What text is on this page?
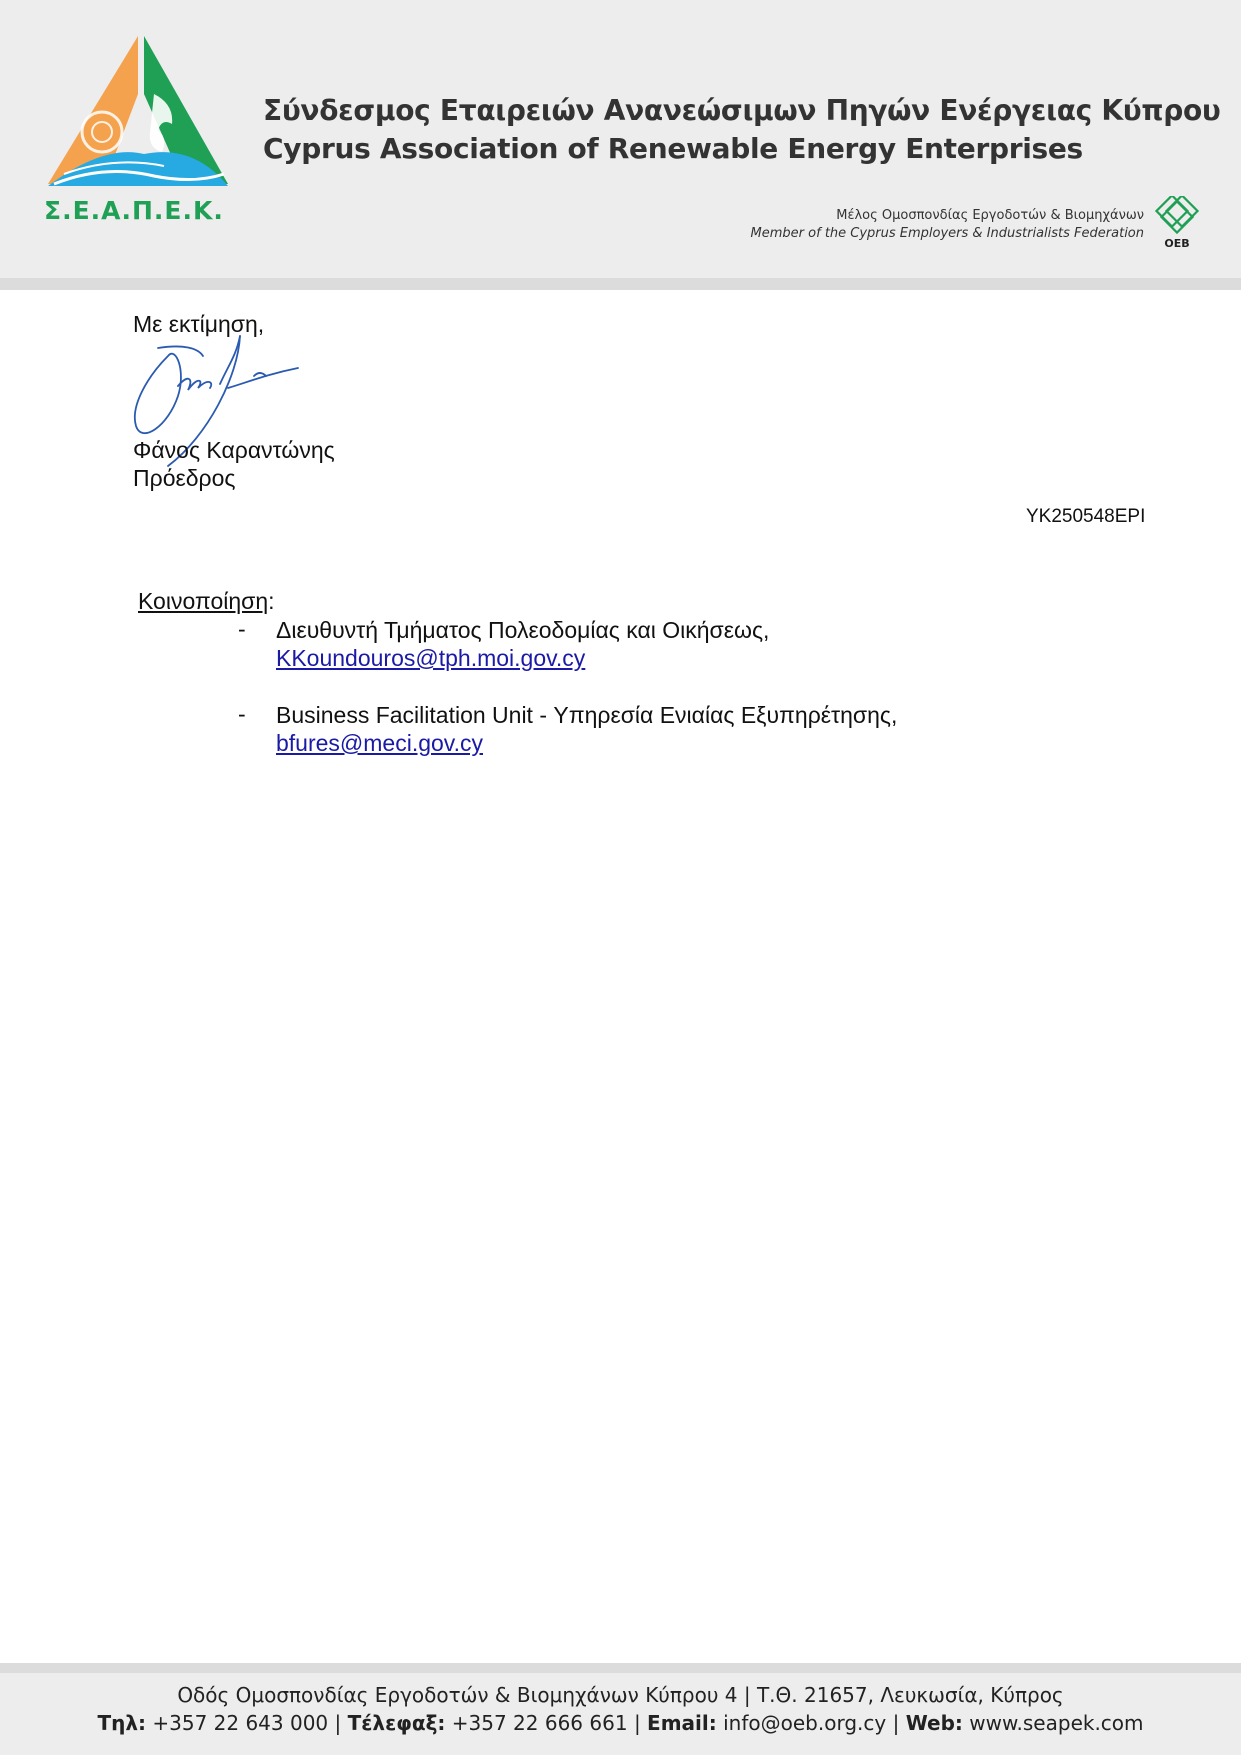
Σ.Ε.Α.Π.Ε.Κ.
Σύνδεσμος Εταιρειών Ανανεώσιμων Πηγών Ενέργειας Κύπρου
Cyprus Association of Renewable Energy Enterprises
Μέλος Ομοσπονδίας Εργοδοτών & Βιομηχάνων
Member of the Cyprus Employers & Industrialists Federation
OEB
Με εκτίμηση,
Φάνος Καραντώνης
Πρόεδρος
YK250548EPI
Κοινοποίηση:
- Διευθυντή Τμήματος Πολεοδομίας και Οικήσεως,
KKoundouros@tph.moi.gov.cy
- Business Facilitation Unit - Υπηρεσία Ενιαίας Εξυπηρέτησης,
bfures@meci.gov.cy
Οδός Ομοσπονδίας Εργοδοτών & Βιομηχάνων Κύπρου 4 | Τ.Θ. 21657, Λευκωσία, Κύπρος
Τηλ: +357 22 643 000 | Τέλεφαξ: +357 22 666 661 | Email: info@oeb.org.cy | Web: www.seapek.com
